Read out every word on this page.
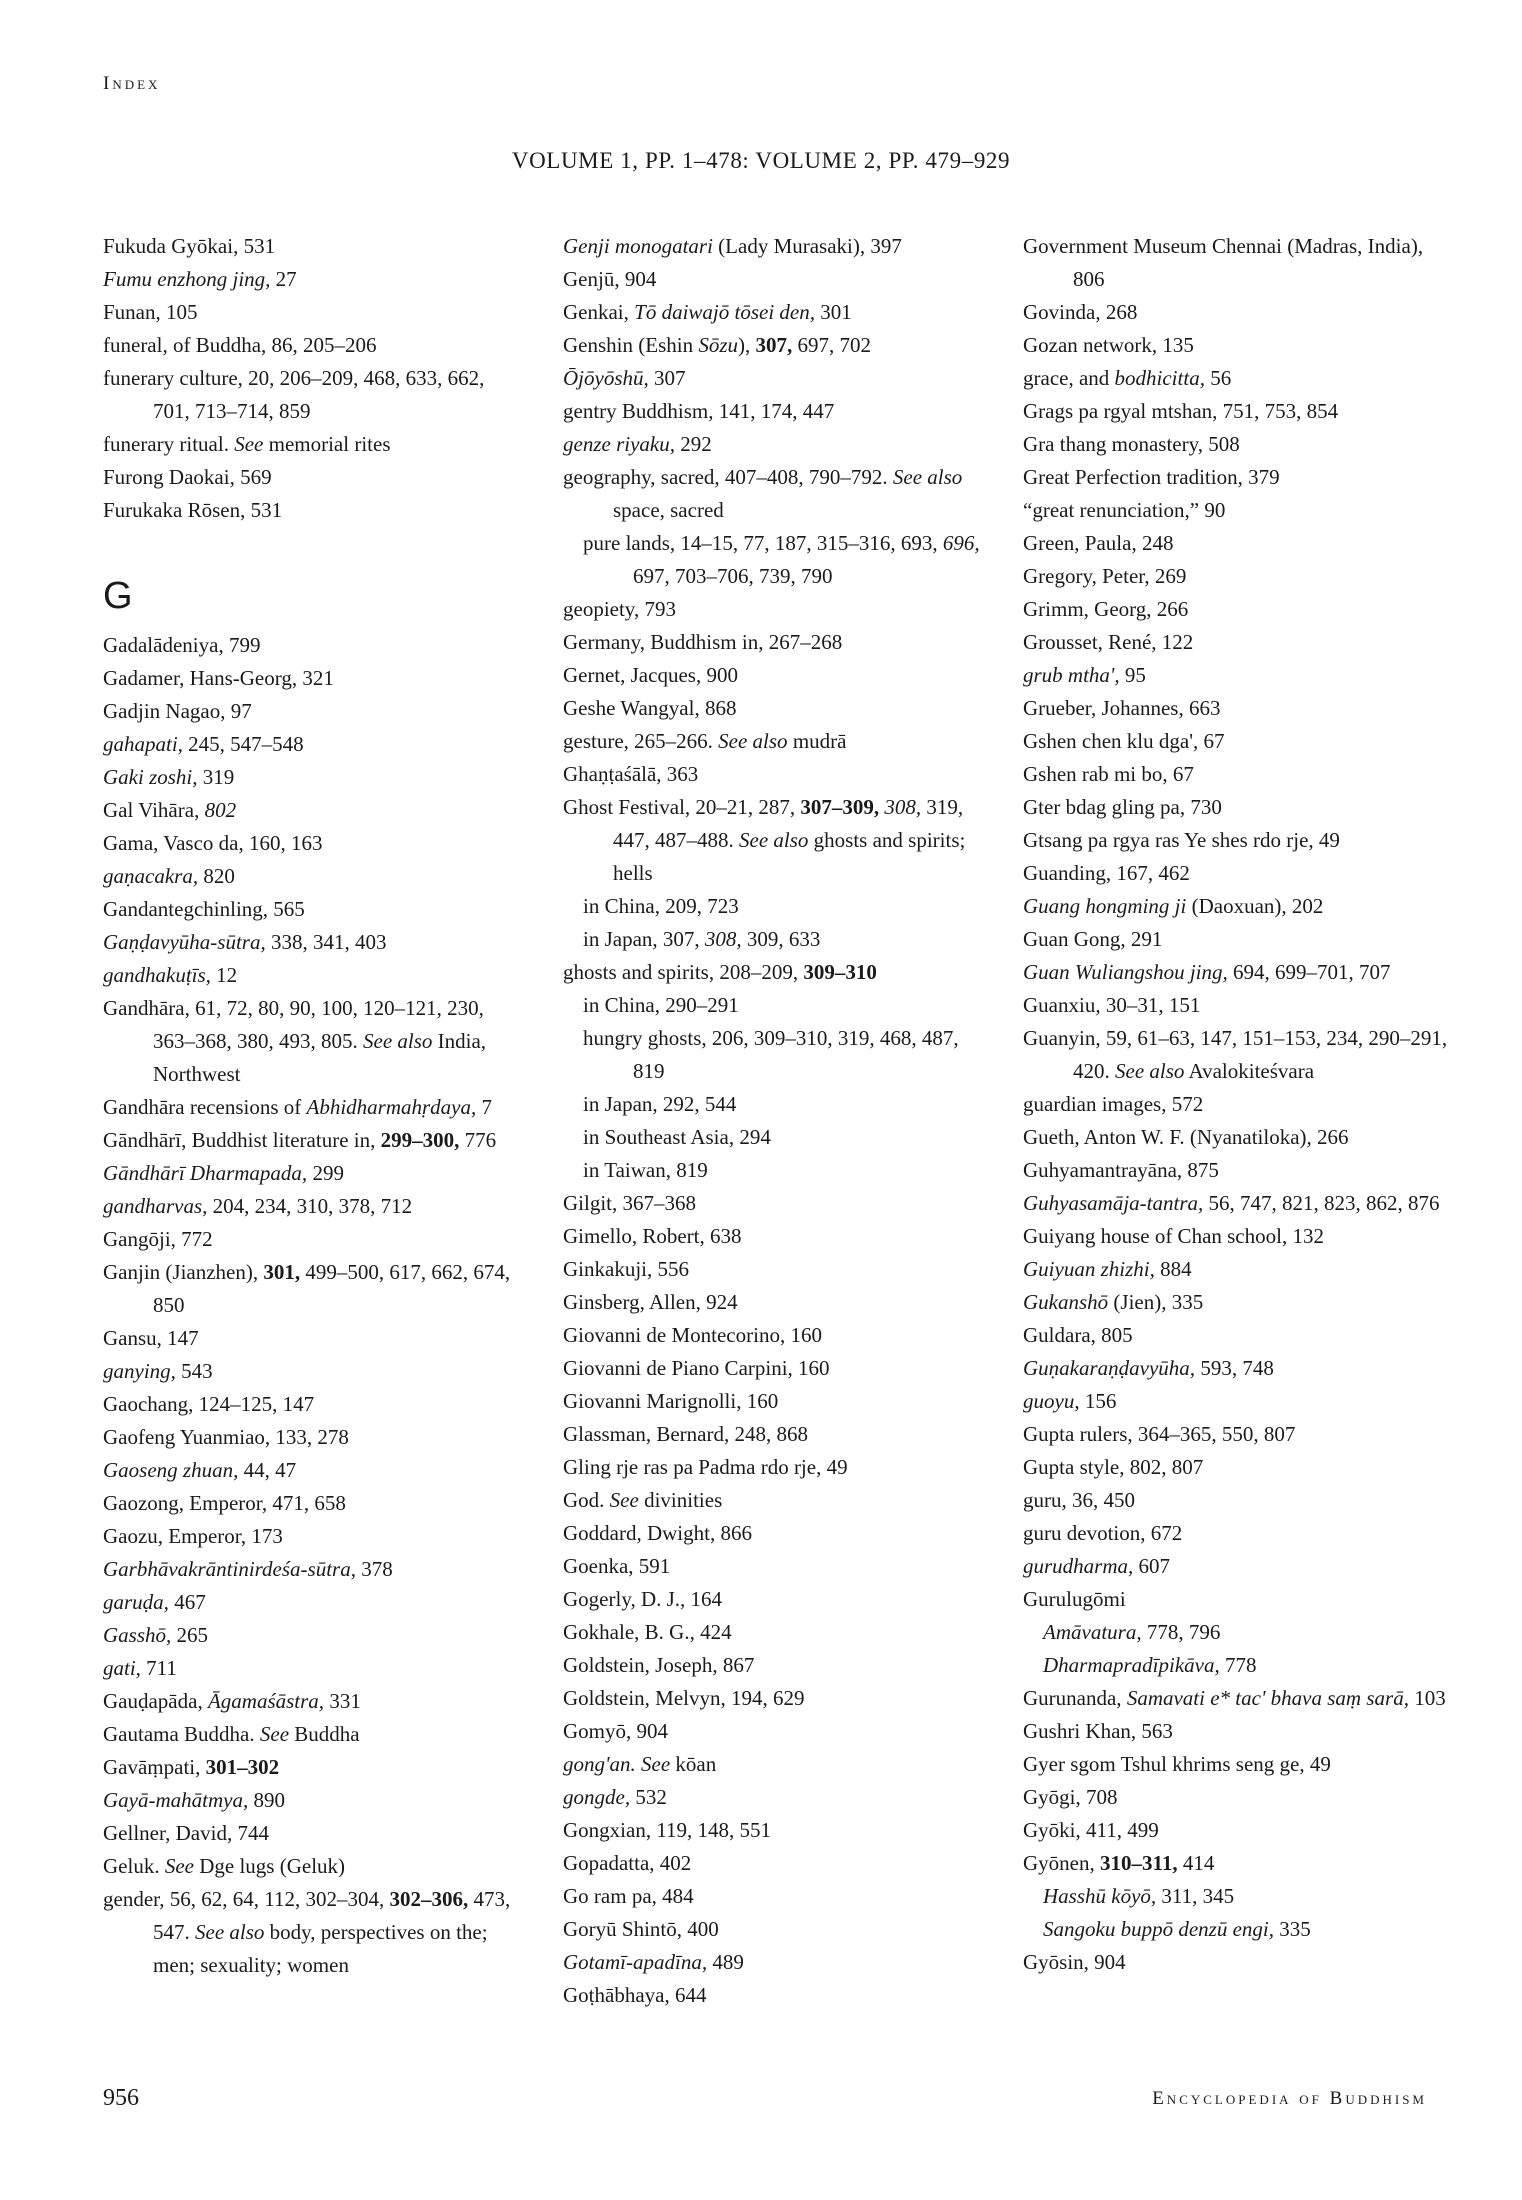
Index
VOLUME 1, PP. 1–478: VOLUME 2, PP. 479–929
Fukuda Gyōkai, 531
Fumu enzhong jing, 27
Funan, 105
funeral, of Buddha, 86, 205–206
funerary culture, 20, 206–209, 468, 633, 662, 701, 713–714, 859
funerary ritual. See memorial rites
Furong Daokai, 569
Furukaka Rōsen, 531
G
Gadalādeniya, 799
Gadamer, Hans-Georg, 321
Gadjin Nagao, 97
gahapati, 245, 547–548
Gaki zoshi, 319
Gal Vihāra, 802
Gama, Vasco da, 160, 163
gaṇacakra, 820
Gandantegchinling, 565
Gaṇḍavyūha-sūtra, 338, 341, 403
gandhakuṭīs, 12
Gandhāra, 61, 72, 80, 90, 100, 120–121, 230, 363–368, 380, 493, 805. See also India, Northwest
Gandhāra recensions of Abhidharmahṛdaya, 7
Gāndhārī, Buddhist literature in, 299–300, 776
Gāndhārī Dharmapada, 299
gandharvas, 204, 234, 310, 378, 712
Gangōji, 772
Ganjin (Jianzhen), 301, 499–500, 617, 662, 674, 850
Gansu, 147
ganying, 543
Gaochang, 124–125, 147
Gaofeng Yuanmiao, 133, 278
Gaoseng zhuan, 44, 47
Gaozong, Emperor, 471, 658
Gaozu, Emperor, 173
Garbhāvakrāntinirdeśa-sūtra, 378
garuḍa, 467
Gasshō, 265
gati, 711
Gauḍapāda, Āgamaśāstra, 331
Gautama Buddha. See Buddha
Gavāṃpati, 301–302
Gayā-mahātmya, 890
Gellner, David, 744
Geluk. See Dge lugs (Geluk)
gender, 56, 62, 64, 112, 302–304, 302–306, 473, 547. See also body, perspectives on the; men; sexuality; women
Genji monogatari (Lady Murasaki), 397
Genjū, 904
Genkai, Tō daiwajō tōsei den, 301
Genshin (Eshin Sōzu), 307, 697, 702
Ōjōyōshū, 307
gentry Buddhism, 141, 174, 447
genze riyaku, 292
geography, sacred, 407–408, 790–792. See also space, sacred
pure lands, 14–15, 77, 187, 315–316, 693, 696, 697, 703–706, 739, 790
geopiety, 793
Germany, Buddhism in, 267–268
Gernet, Jacques, 900
Geshe Wangyal, 868
gesture, 265–266. See also mudrā
Ghaṇṭaśālā, 363
Ghost Festival, 20–21, 287, 307–309, 308, 319, 447, 487–488. See also ghosts and spirits; hells
in China, 209, 723
in Japan, 307, 308, 309, 633
ghosts and spirits, 208–209, 309–310
in China, 290–291
hungry ghosts, 206, 309–310, 319, 468, 487, 819
in Japan, 292, 544
in Southeast Asia, 294
in Taiwan, 819
Gilgit, 367–368
Gimello, Robert, 638
Ginkakuji, 556
Ginsberg, Allen, 924
Giovanni de Montecorino, 160
Giovanni de Piano Carpini, 160
Giovanni Marignolli, 160
Glassman, Bernard, 248, 868
Gling rje ras pa Padma rdo rje, 49
God. See divinities
Goddard, Dwight, 866
Goenka, 591
Gogerly, D. J., 164
Gokhale, B. G., 424
Goldstein, Joseph, 867
Goldstein, Melvyn, 194, 629
Gomyō, 904
gong'an. See kōan
gongde, 532
Gongxian, 119, 148, 551
Gopadatta, 402
Go ram pa, 484
Goryū Shintō, 400
Gotamī-apadīna, 489
Goṭhābhaya, 644
Government Museum Chennai (Madras, India), 806
Govinda, 268
Gozan network, 135
grace, and bodhicitta, 56
Grags pa rgyal mtshan, 751, 753, 854
Gra thang monastery, 508
Great Perfection tradition, 379
“great renunciation,” 90
Green, Paula, 248
Gregory, Peter, 269
Grimm, Georg, 266
Grousset, René, 122
grub mtha', 95
Grueber, Johannes, 663
Gshen chen klu dga', 67
Gshen rab mi bo, 67
Gter bdag gling pa, 730
Gtsang pa rgya ras Ye shes rdo rje, 49
Guanding, 167, 462
Guang hongming ji (Daoxuan), 202
Guan Gong, 291
Guan Wuliangshou jing, 694, 699–701, 707
Guanxiu, 30–31, 151
Guanyin, 59, 61–63, 147, 151–153, 234, 290–291, 420. See also Avalokiteśvara
guardian images, 572
Gueth, Anton W. F. (Nyanatiloka), 266
Guhyamantrayāna, 875
Guhyasamāja-tantra, 56, 747, 821, 823, 862, 876
Guiyang house of Chan school, 132
Guiyuan zhizhi, 884
Gukanshō (Jien), 335
Guldara, 805
Guṇakaraṇḍavyūha, 593, 748
guoyu, 156
Gupta rulers, 364–365, 550, 807
Gupta style, 802, 807
guru, 36, 450
guru devotion, 672
gurudharma, 607
Gurulugōmi
Amāvatura, 778, 796
Dharmapradīpikāva, 778
Gurunanda, Samavati e* tac' bhava saṃ sarā, 103
Gushri Khan, 563
Gyer sgom Tshul khrims seng ge, 49
Gyōgi, 708
Gyōki, 411, 499
Gyōnen, 310–311, 414
Hasshū kōyō, 311, 345
Sangoku buppō denzū engi, 335
Gyōsin, 904
956	Encyclopedia of Buddhism
